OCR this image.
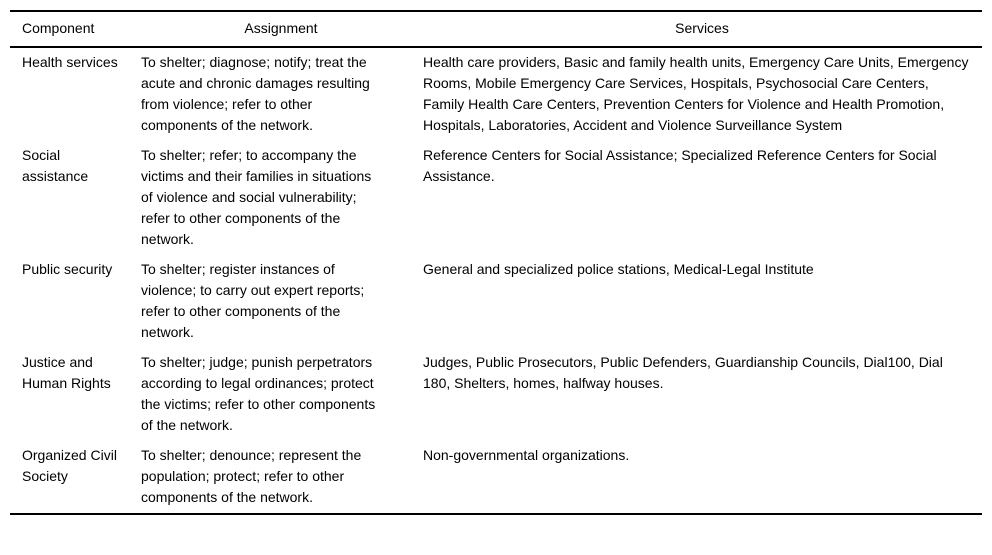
Component	Assignment	Services
Health services	To shelter; diagnose; notify; treat the acute and chronic damages resulting from violence; refer to other components of the network.	Health care providers, Basic and family health units, Emergency Care Units, Emergency Rooms, Mobile Emergency Care Services, Hospitals, Psychosocial Care Centers, Family Health Care Centers, Prevention Centers for Violence and Health Promotion, Hospitals, Laboratories, Accident and Violence Surveillance System
Social assistance	To shelter; refer; to accompany the victims and their families in situations of violence and social vulnerability; refer to other components of the network.	Reference Centers for Social Assistance; Specialized Reference Centers for Social Assistance.
Public security	To shelter; register instances of violence; to carry out expert reports; refer to other components of the network.	General and specialized police stations, Medical-Legal Institute
Justice and Human Rights	To shelter; judge; punish perpetrators according to legal ordinances; protect the victims; refer to other components of the network.	Judges, Public Prosecutors, Public Defenders, Guardianship Councils, Dial100, Dial 180, Shelters, homes, halfway houses.
Organized Civil Society	To shelter; denounce; represent the population; protect; refer to other components of the network.	Non-governmental organizations.
